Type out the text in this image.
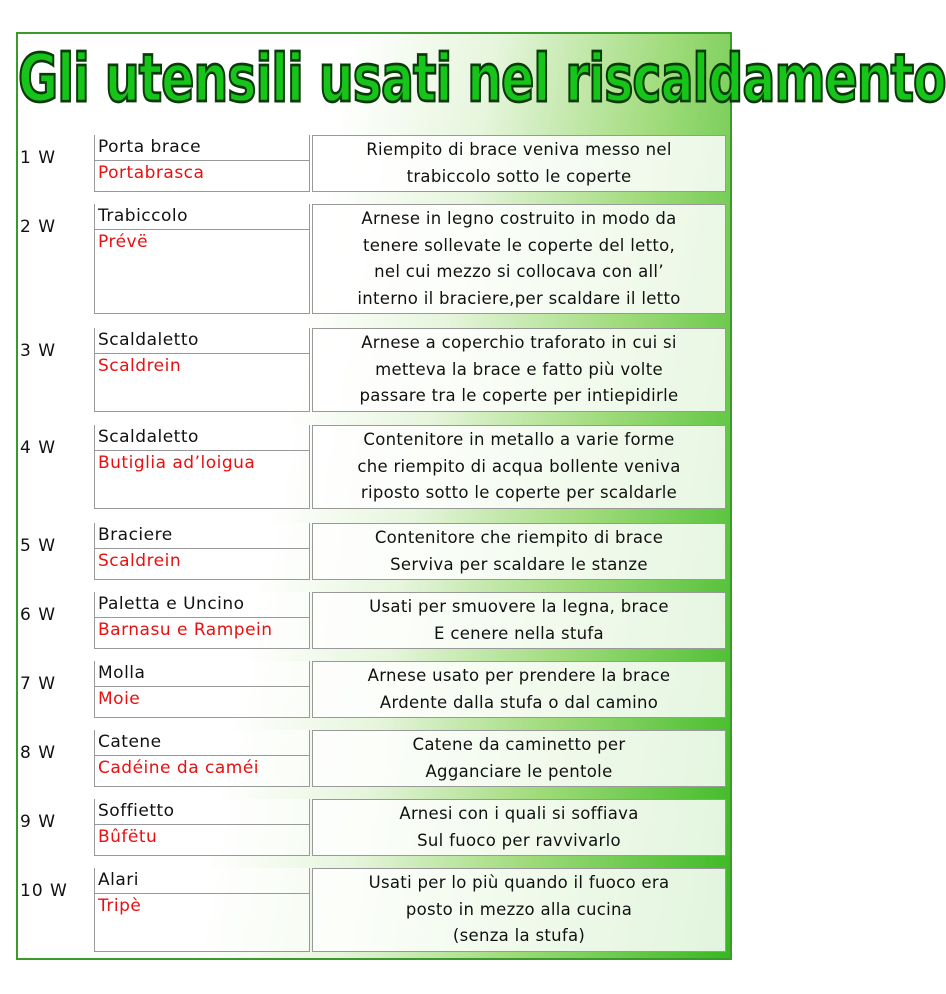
Gli utensili usati nel riscaldamento
1 W
Porta brace
Portabrasca
Riempito di brace veniva messo nel
trabiccolo sotto le coperte
2 W
Trabiccolo
Prévë
Arnese in legno costruito in modo da
tenere sollevate le coperte del letto,
nel cui mezzo si collocava con all’
interno il braciere,per scaldare il letto
3 W
Scaldaletto
Scaldrein
Arnese a coperchio traforato in cui si
metteva la brace e fatto più volte
passare tra le coperte per intiepidirle
4 W
Scaldaletto
Butiglia ad’loigua
Contenitore in metallo a varie forme
che riempito di acqua bollente veniva
riposto sotto le coperte per scaldarle
5 W
Braciere
Scaldrein
Contenitore che riempito di brace
Serviva per scaldare le stanze
6 W
Paletta e Uncino
Barnasu e Rampein
Usati per smuovere la legna, brace
E cenere nella stufa
7 W
Molla
Moie
Arnese usato per prendere la brace
Ardente dalla stufa o dal camino
8 W
Catene
Cadéine da caméi
Catene da caminetto per
Agganciare le pentole
9 W
Soffietto
Bûfëtu
Arnesi con i quali si soffiava
Sul fuoco per ravvivarlo
10 W
Alari
Tripè
Usati per lo più quando il fuoco era
posto in mezzo alla cucina
(senza la stufa)
